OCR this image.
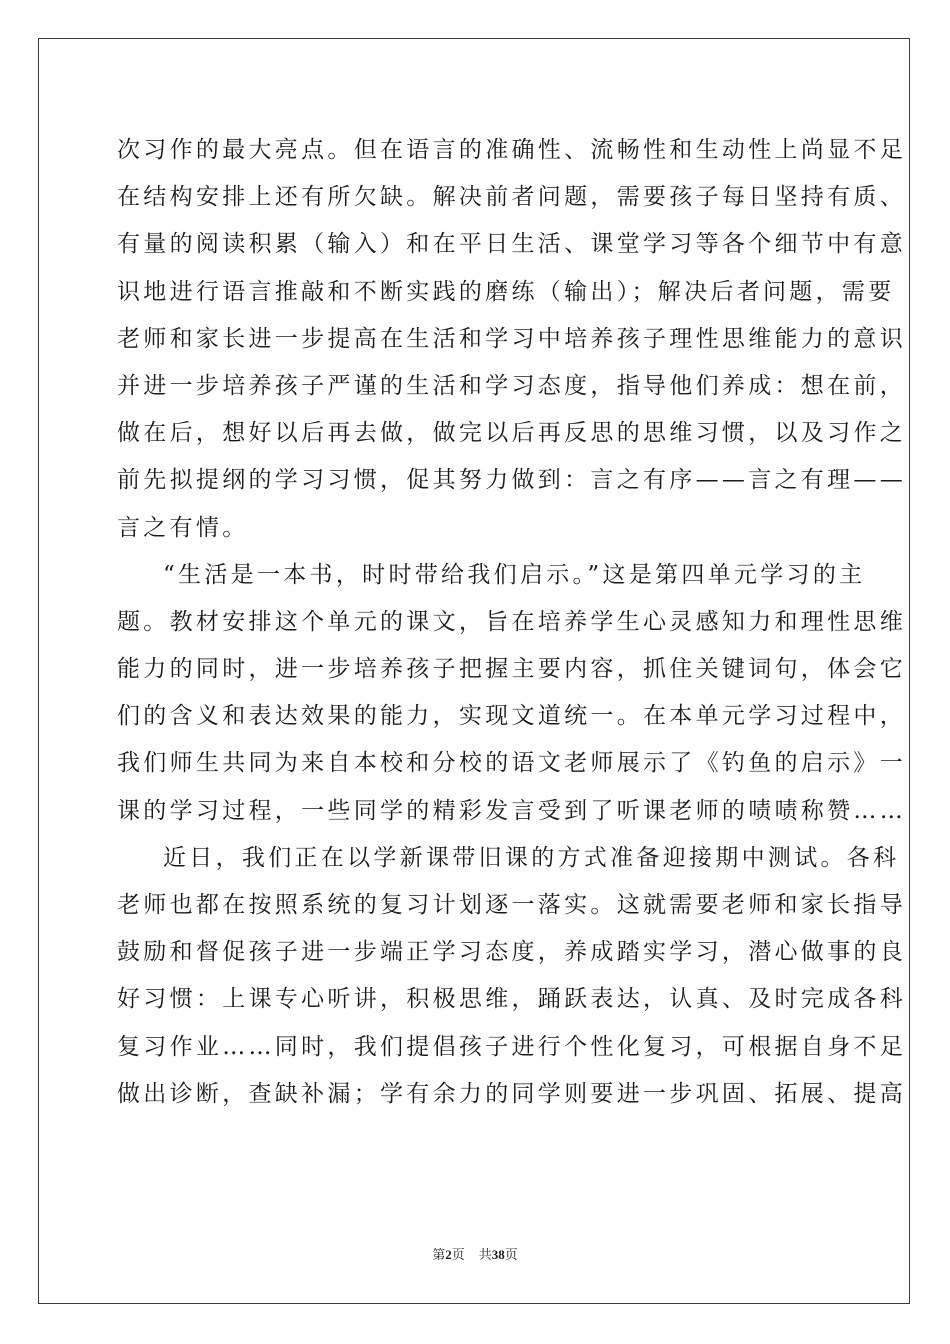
次习作的最大亮点。但在语言的准确性、流畅性和生动性上尚显不足
在结构安排上还有所欠缺。解决前者问题，需要孩子每日坚持有质、
有量的阅读积累（输入）和在平日生活、课堂学习等各个细节中有意
识地进行语言推敲和不断实践的磨练（输出）；解决后者问题，需要
老师和家长进一步提高在生活和学习中培养孩子理性思维能力的意识
并进一步培养孩子严谨的生活和学习态度，指导他们养成：想在前，
做在后，想好以后再去做，做完以后再反思的思维习惯，以及习作之
前先拟提纲的学习习惯，促其努力做到：言之有序——言之有理——
言之有情。
“生活是一本书，时时带给我们启示。”这是第四单元学习的主
题。教材安排这个单元的课文，旨在培养学生心灵感知力和理性思维
能力的同时，进一步培养孩子把握主要内容，抓住关键词句，体会它
们的含义和表达效果的能力，实现文道统一。在本单元学习过程中，
我们师生共同为来自本校和分校的语文老师展示了《钓鱼的启示》一
课的学习过程，一些同学的精彩发言受到了听课老师的啧啧称赞……
近日，我们正在以学新课带旧课的方式准备迎接期中测试。各科
老师也都在按照系统的复习计划逐一落实。这就需要老师和家长指导
鼓励和督促孩子进一步端正学习态度，养成踏实学习，潜心做事的良
好习惯：上课专心听讲，积极思维，踊跃表达，认真、及时完成各科
复习作业……同时，我们提倡孩子进行个性化复习，可根据自身不足
做出诊断，查缺补漏；学有余力的同学则要进一步巩固、拓展、提高
第2页 共38页
